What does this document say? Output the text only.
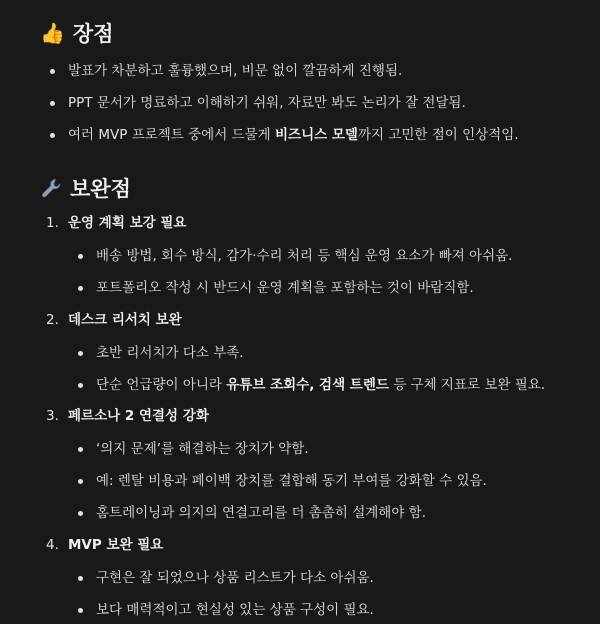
👍 장점
발표가 차분하고 훌륭했으며, 비문 없이 깔끔하게 진행됨.
PPT 문서가 명료하고 이해하기 쉬워, 자료만 봐도 논리가 잘 전달됨.
여러 MVP 프로젝트 중에서 드물게 비즈니스 모델까지 고민한 점이 인상적임.
보완점
1. 운영 계획 보강 필요
배송 방법, 회수 방식, 감가·수리 처리 등 핵심 운영 요소가 빠져 아쉬움.
포트폴리오 작성 시 반드시 운영 계획을 포함하는 것이 바람직함.
2. 데스크 리서치 보완
초반 리서치가 다소 부족.
단순 언급량이 아니라 유튜브 조회수, 검색 트렌드 등 구체 지표로 보완 필요.
3. 페르소나 2 연결성 강화
‘의지 문제’를 해결하는 장치가 약함.
예: 렌탈 비용과 페이백 장치를 결합해 동기 부여를 강화할 수 있음.
홈트레이닝과 의지의 연결고리를 더 촘촘히 설계해야 함.
4. MVP 보완 필요
구현은 잘 되었으나 상품 리스트가 다소 아쉬움.
보다 매력적이고 현실성 있는 상품 구성이 필요.
